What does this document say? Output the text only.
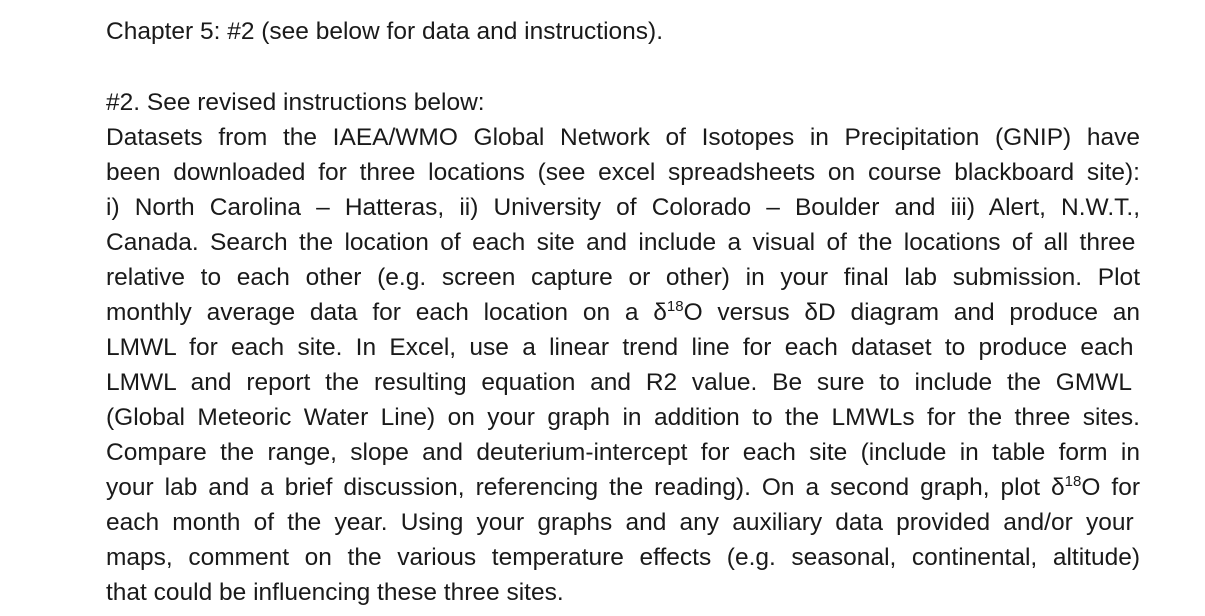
Chapter 5: #2 (see below for data and instructions).

#2. See revised instructions below:

Datasets from the IAEA/WMO Global Network of Isotopes in Precipitation (GNIP) have
been downloaded for three locations (see excel spreadsheets on course blackboard site):
i) North Carolina – Hatteras, ii) University of Colorado – Boulder and iii) Alert, N.W.T.,
Canada. Search the location of each site and include a visual of the locations of all three
relative to each other (e.g. screen capture or other) in your final lab submission. Plot
monthly average data for each location on a $\delta^{18}O$ versus δD diagram and produce an
LMWL for each site. In Excel, use a linear trend line for each dataset to produce each
LMWL and report the resulting equation and R2 value. Be sure to include the GMWL
(Global Meteoric Water Line) on your graph in addition to the LMWLs for the three sites.
Compare the range, slope and deuterium-intercept for each site (include in table form in
your lab and a brief discussion, referencing the reading). On a second graph, plot $\delta^{18}O$ for
each month of the year. Using your graphs and any auxiliary data provided and/or your
maps, comment on the various temperature effects (e.g. seasonal, continental, altitude)
that could be influencing these three sites.
